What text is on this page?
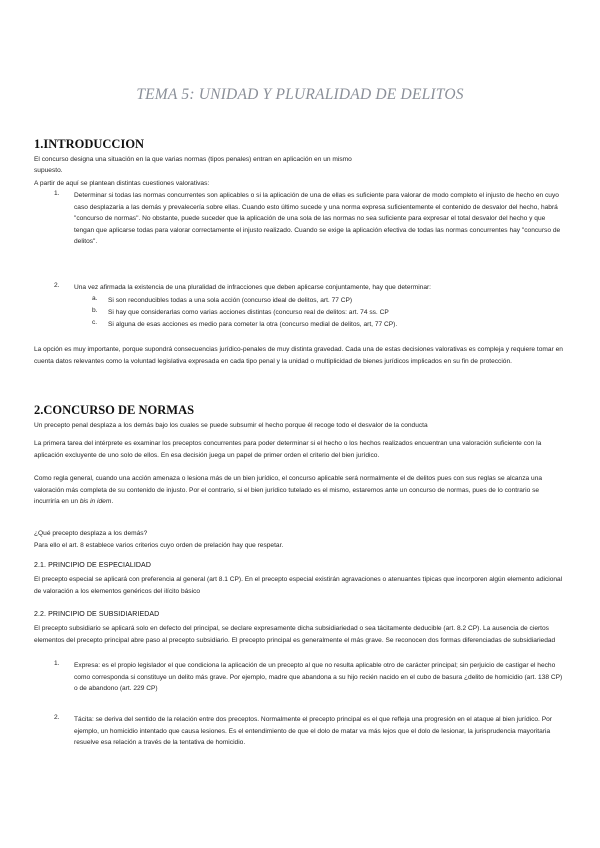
TEMA 5: UNIDAD Y PLURALIDAD DE DELITOS
1.INTRODUCCION
El concurso designa una situación en la que varias normas (tipos penales) entran en aplicación en un mismo
supuesto.
A partir de aquí se plantean distintas cuestiones valorativas:
1. Determinar si todas las normas concurrentes son aplicables o si la aplicación de una de ellas es suficiente para valorar de modo completo el injusto de hecho en cuyo caso desplazaría a las demás y prevalecería sobre ellas. Cuando esto último sucede y una norma expresa suficientemente el contenido de desvalor del hecho, habrá "concurso de normas". No obstante, puede suceder que la aplicación de una sola de las normas no sea suficiente para expresar el total desvalor del hecho y que tengan que aplicarse todas para valorar correctamente el injusto realizado. Cuando se exige la aplicación efectiva de todas las normas concurrentes hay "concurso de delitos".
2. Una vez afirmada la existencia de una pluralidad de infracciones que deben aplicarse conjuntamente, hay que determinar:
a. Si son reconducibles todas a una sola acción (concurso ideal de delitos, art. 77 CP)
b. Si hay que considerarlas como varias acciones distintas (concurso real de delitos: art. 74 ss. CP
c. Si alguna de esas acciones es medio para cometer la otra (concurso medial de delitos, art, 77 CP).
La opción es muy importante, porque supondrá consecuencias jurídico-penales de muy distinta gravedad. Cada una de estas decisiones valorativas es compleja y requiere tomar en cuenta datos relevantes como la voluntad legislativa expresada en cada tipo penal y la unidad o multiplicidad de bienes jurídicos implicados en su fin de protección.
2.CONCURSO DE NORMAS
Un precepto penal desplaza a los demás bajo los cuales se puede subsumir el hecho porque él recoge todo el desvalor de la conducta
La primera tarea del intérprete es examinar los preceptos concurrentes para poder determinar si el hecho o los hechos realizados encuentran una valoración suficiente con la aplicación excluyente de uno solo de ellos. En esa decisión juega un papel de primer orden el criterio del bien jurídico.
Como regla general, cuando una acción amenaza o lesiona más de un bien jurídico, el concurso aplicable será normalmente el de delitos pues con sus reglas se alcanza una valoración más completa de su contenido de injusto. Por el contrario, si el bien jurídico tutelado es el mismo, estaremos ante un concurso de normas, pues de lo contrario se incurriría en un bis in idem.
¿Qué precepto desplaza a los demás?
Para ello el art. 8 establece varios criterios cuyo orden de prelación hay que respetar.
2.1. PRINCIPIO DE ESPECIALIDAD
El precepto especial se aplicará con preferencia al general (art 8.1 CP). En el precepto especial existirán agravaciones o atenuantes típicas que incorporen algún elemento adicional de valoración a los elementos genéricos del ilícito básico
2.2. PRINCIPIO DE SUBSIDIARIEDAD
El precepto subsidiario se aplicará solo en defecto del principal, se declare expresamente dicha subsidiariedad o sea tácitamente deducible (art. 8.2 CP). La ausencia de ciertos elementos del precepto principal abre paso al precepto subsidiario. El precepto principal es generalmente el más grave. Se reconocen dos formas diferenciadas de subsidiariedad
1. Expresa: es el propio legislador el que condiciona la aplicación de un precepto al que no resulta aplicable otro de carácter principal; sin perjuicio de castigar el hecho como corresponda si constituye un delito más grave. Por ejemplo, madre que abandona a su hijo recién nacido en el cubo de basura ¿delito de homicidio (art. 138 CP) o de abandono (art. 229 CP)
2. Tácita: se deriva del sentido de la relación entre dos preceptos. Normalmente el precepto principal es el que refleja una progresión en el ataque al bien jurídico. Por ejemplo, un homicidio intentado que causa lesiones. Es el entendimiento de que el dolo de matar va más lejos que el dolo de lesionar, la jurisprudencia mayoritaria resuelve esa relación a través de la tentativa de homicidio.
